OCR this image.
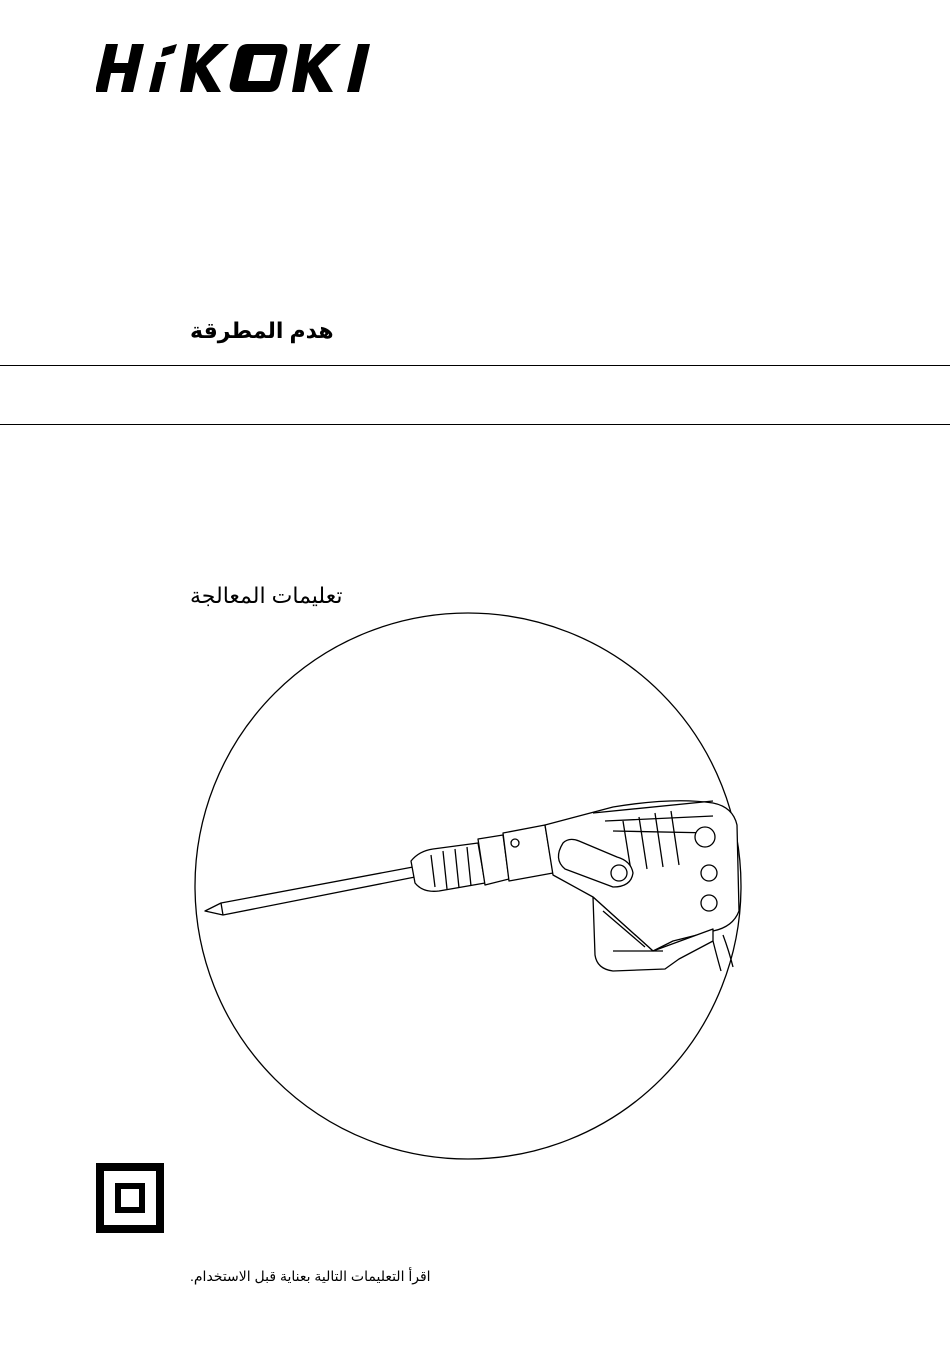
هدم المطرقة
تعليمات المعالجة
اقرأ التعليمات التالية بعناية قبل الاستخدام.
